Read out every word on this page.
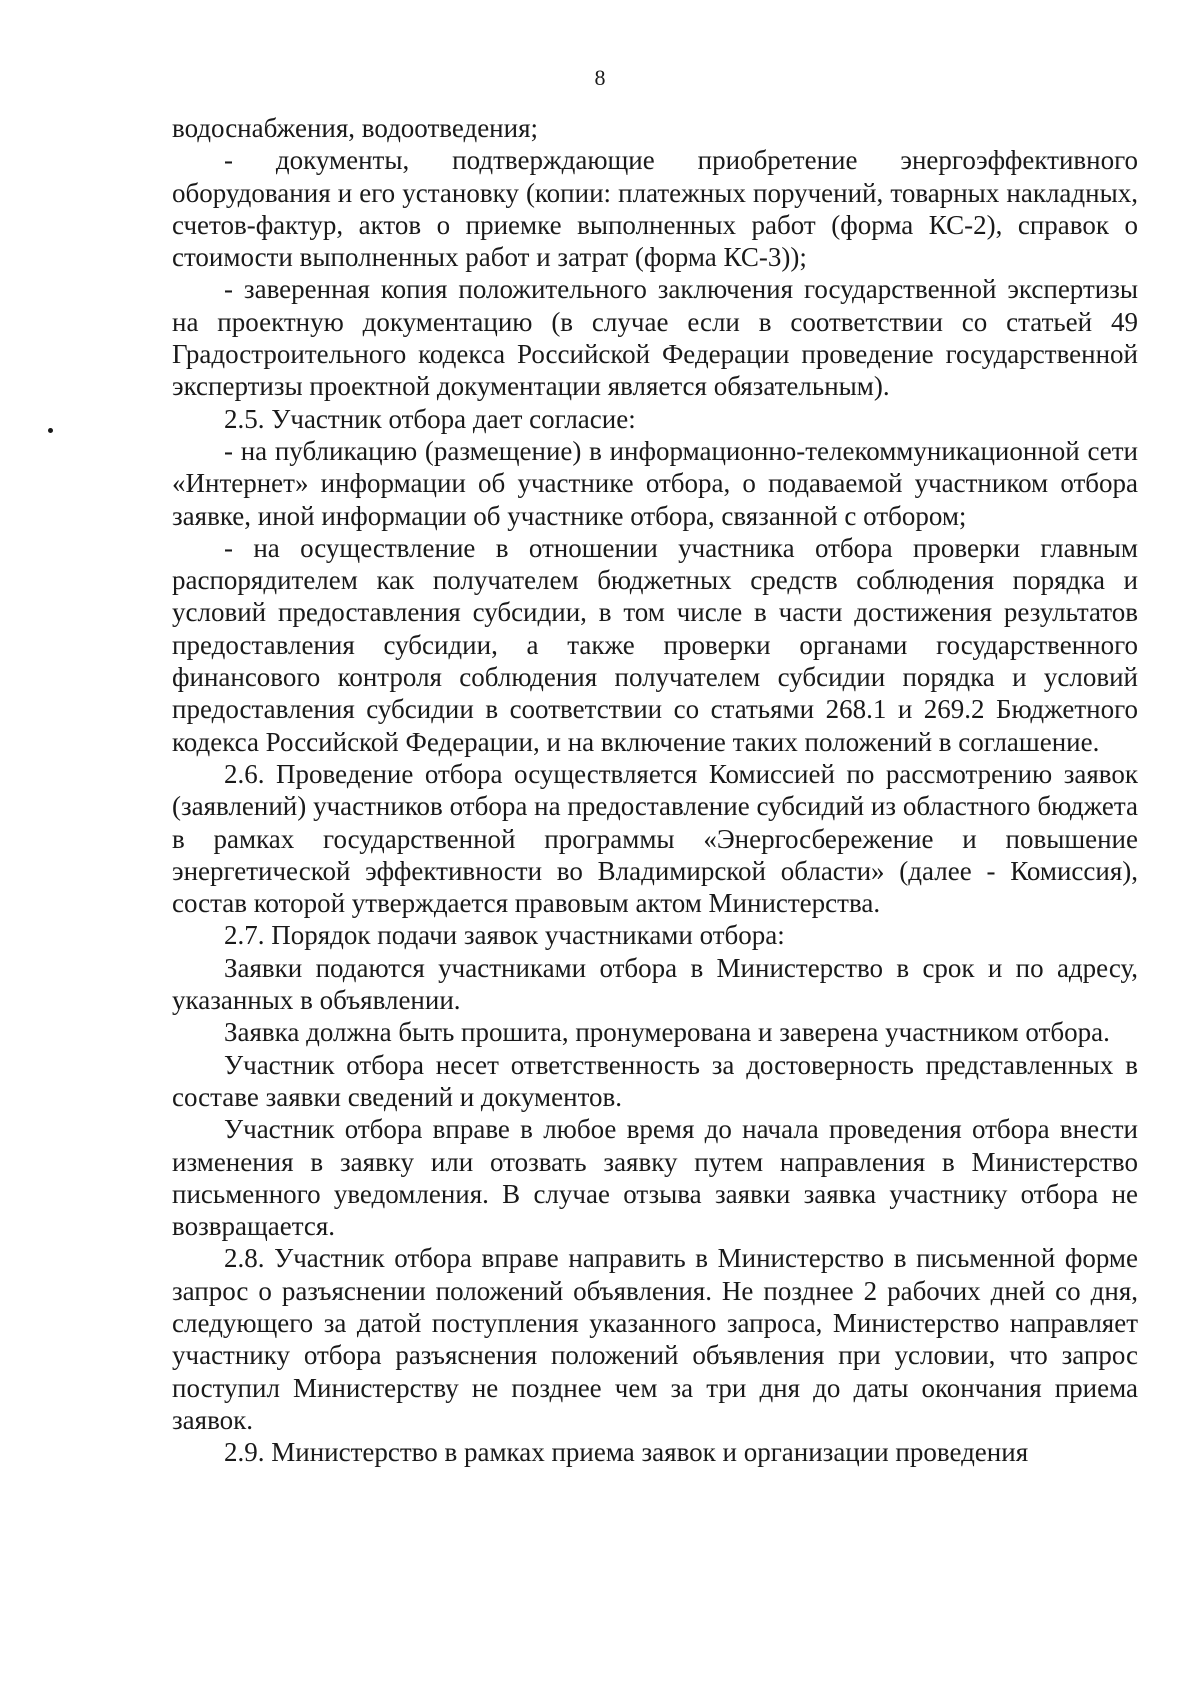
8

водоснабжения, водоотведения;

- документы, подтверждающие приобретение энергоэффективного оборудования и его установку (копии: платежных поручений, товарных накладных, счетов-фактур, актов о приемке выполненных работ (форма КС-2), справок о стоимости выполненных работ и затрат (форма КС-3));

- заверенная копия положительного заключения государственной экспертизы на проектную документацию (в случае если в соответствии со статьей 49 Градостроительного кодекса Российской Федерации проведение государственной экспертизы проектной документации является обязательным).

2.5. Участник отбора дает согласие:

- на публикацию (размещение) в информационно-телекоммуникационной сети «Интернет» информации об участнике отбора, о подаваемой участником отбора заявке, иной информации об участнике отбора, связанной с отбором;

- на осуществление в отношении участника отбора проверки главным распорядителем как получателем бюджетных средств соблюдения порядка и условий предоставления субсидии, в том числе в части достижения результатов предоставления субсидии, а также проверки органами государственного финансового контроля соблюдения получателем субсидии порядка и условий предоставления субсидии в соответствии со статьями 268.1 и 269.2 Бюджетного кодекса Российской Федерации, и на включение таких положений в соглашение.

2.6. Проведение отбора осуществляется Комиссией по рассмотрению заявок (заявлений) участников отбора на предоставление субсидий из областного бюджета в рамках государственной программы «Энергосбережение и повышение энергетической эффективности во Владимирской области» (далее - Комиссия), состав которой утверждается правовым актом Министерства.

2.7. Порядок подачи заявок участниками отбора:

Заявки подаются участниками отбора в Министерство в срок и по адресу, указанных в объявлении.

Заявка должна быть прошита, пронумерована и заверена участником отбора.

Участник отбора несет ответственность за достоверность представленных в составе заявки сведений и документов.

Участник отбора вправе в любое время до начала проведения отбора внести изменения в заявку или отозвать заявку путем направления в Министерство письменного уведомления. В случае отзыва заявки заявка участнику отбора не возвращается.

2.8. Участник отбора вправе направить в Министерство в письменной форме запрос о разъяснении положений объявления. Не позднее 2 рабочих дней со дня, следующего за датой поступления указанного запроса, Министерство направляет участнику отбора разъяснения положений объявления при условии, что запрос поступил Министерству не позднее чем за три дня до даты окончания приема заявок.

2.9. Министерство в рамках приема заявок и организации проведения
